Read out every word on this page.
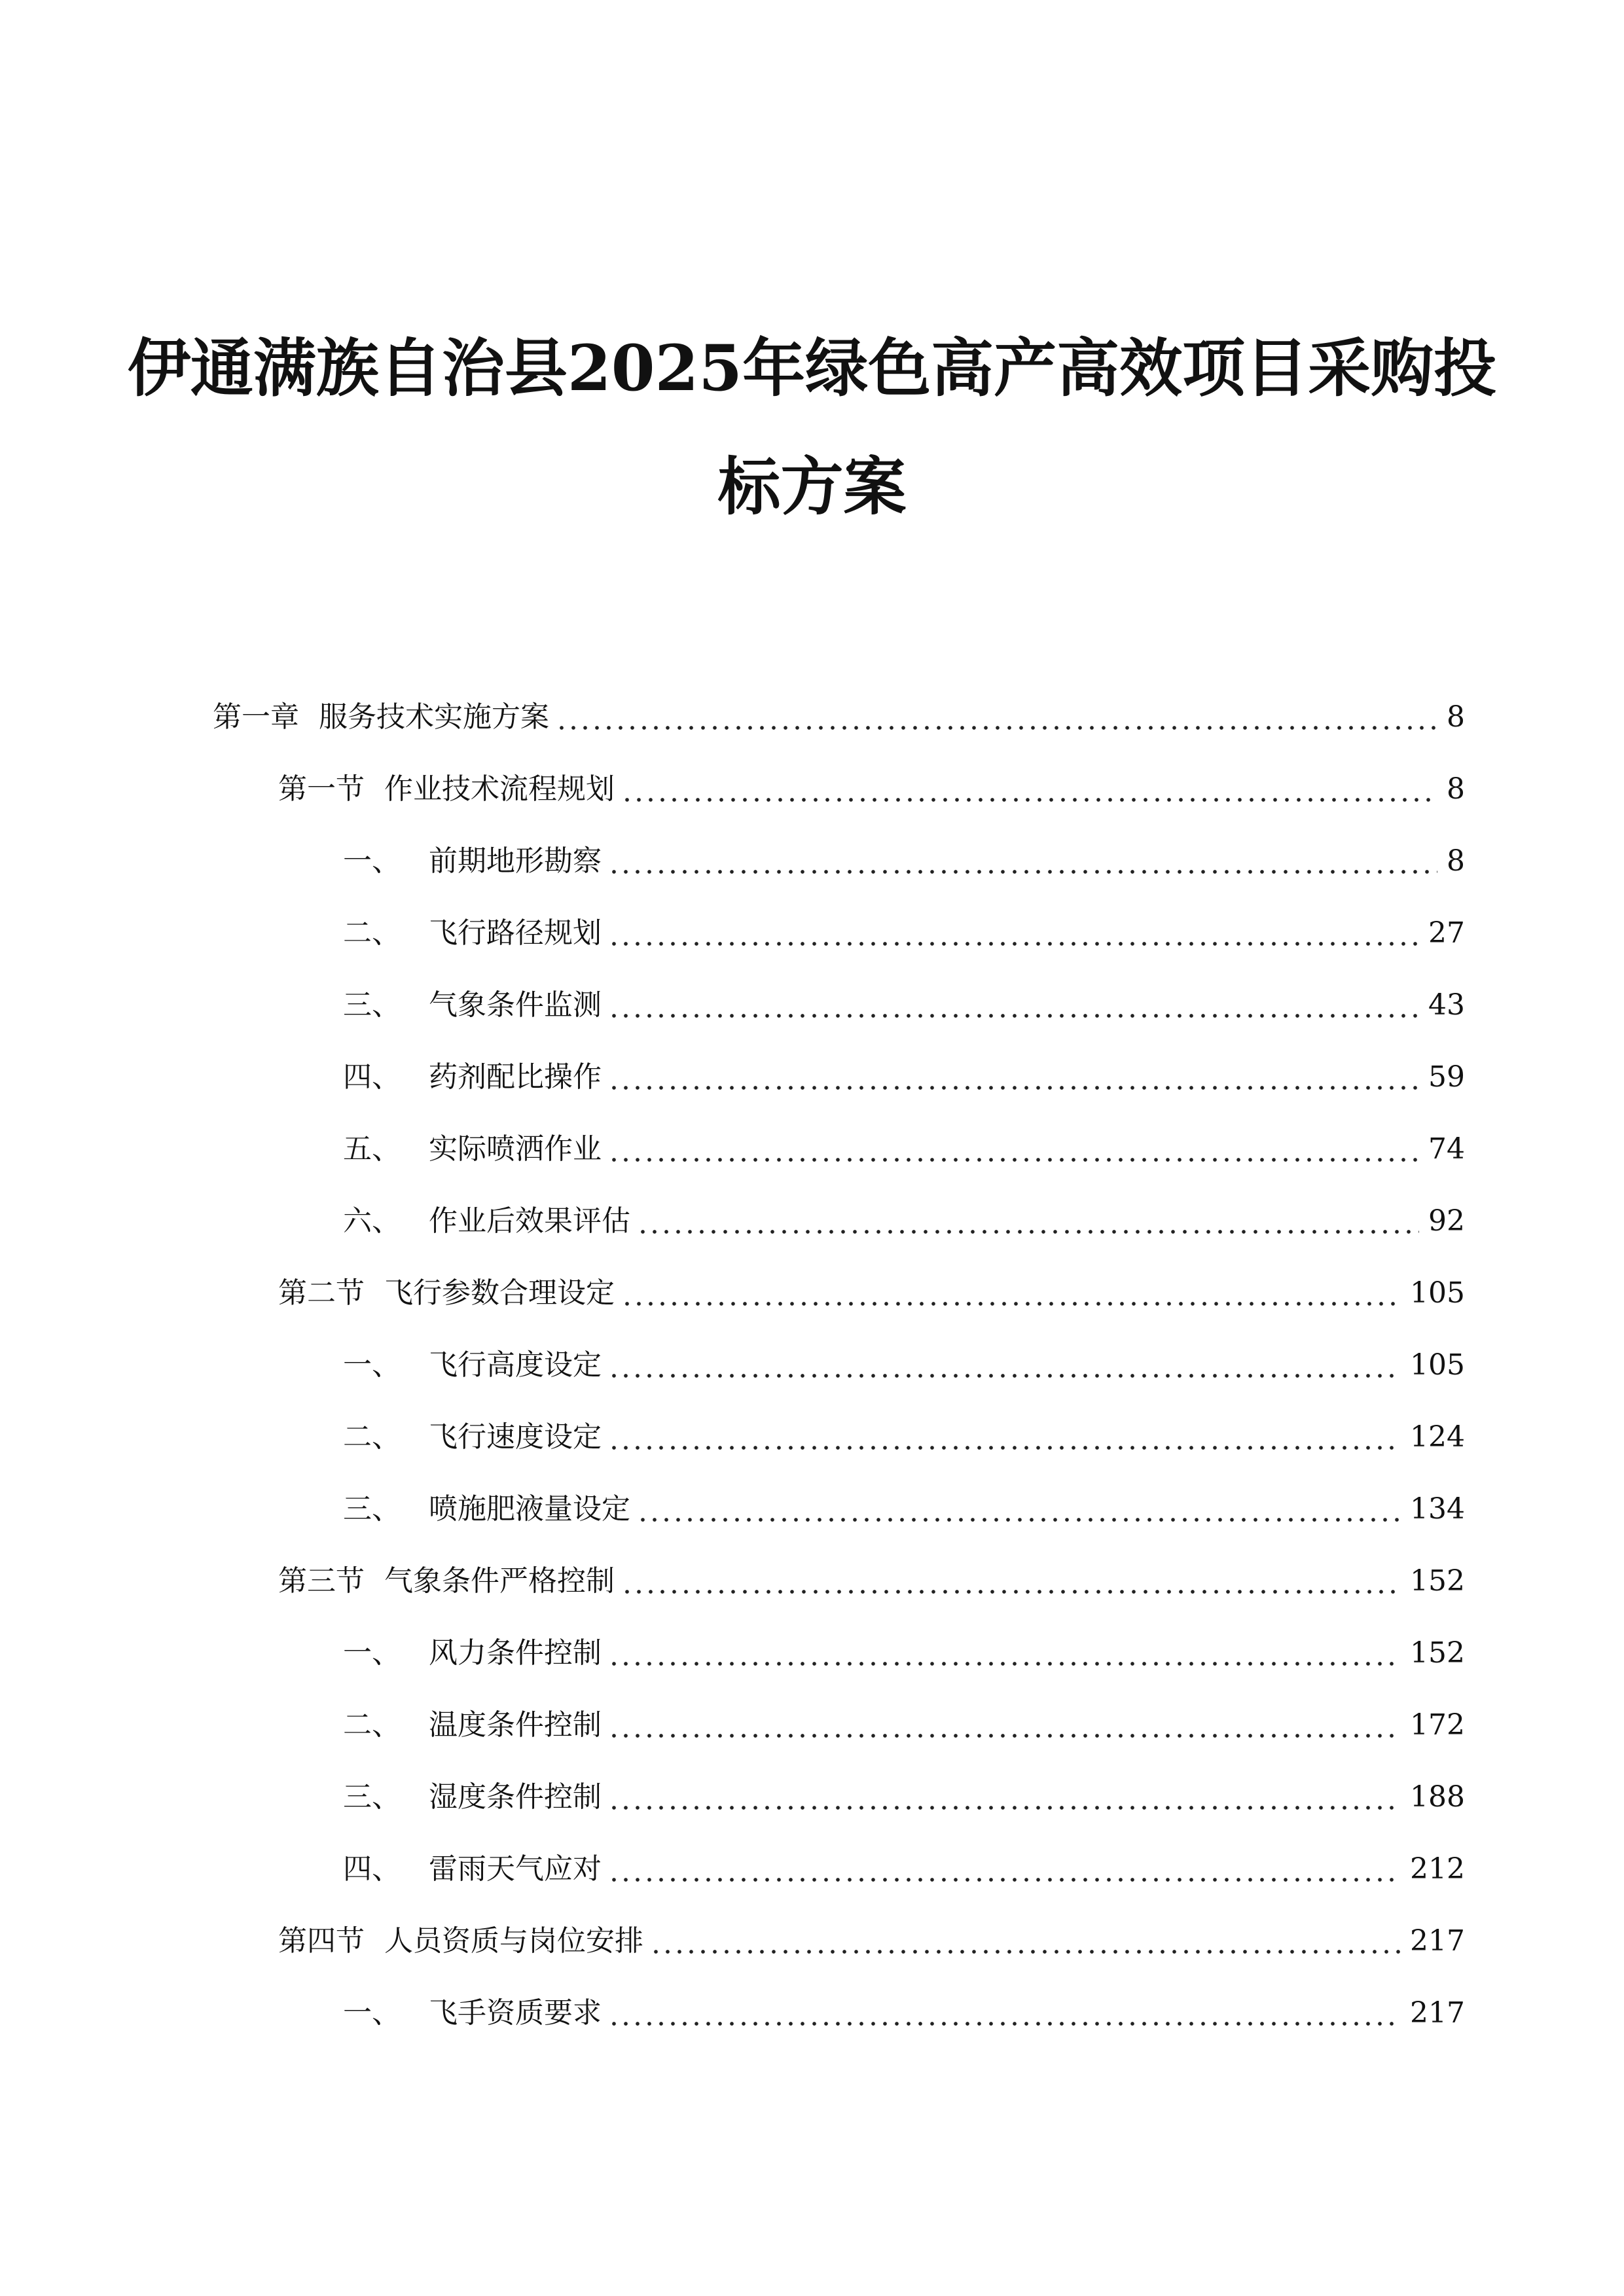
伊通满族自治县2025年绿色高产高效项目采购投
标方案
第一章 服务技术实施方案	8
第一节 作业技术流程规划	8
一、 前期地形勘察	8
二、 飞行路径规划	27
三、 气象条件监测	43
四、 药剂配比操作	59
五、 实际喷洒作业	74
六、 作业后效果评估	92
第二节 飞行参数合理设定	105
一、 飞行高度设定	105
二、 飞行速度设定	124
三、 喷施肥液量设定	134
第三节 气象条件严格控制	152
一、 风力条件控制	152
二、 温度条件控制	172
三、 湿度条件控制	188
四、 雷雨天气应对	212
第四节 人员资质与岗位安排	217
一、 飞手资质要求	217
